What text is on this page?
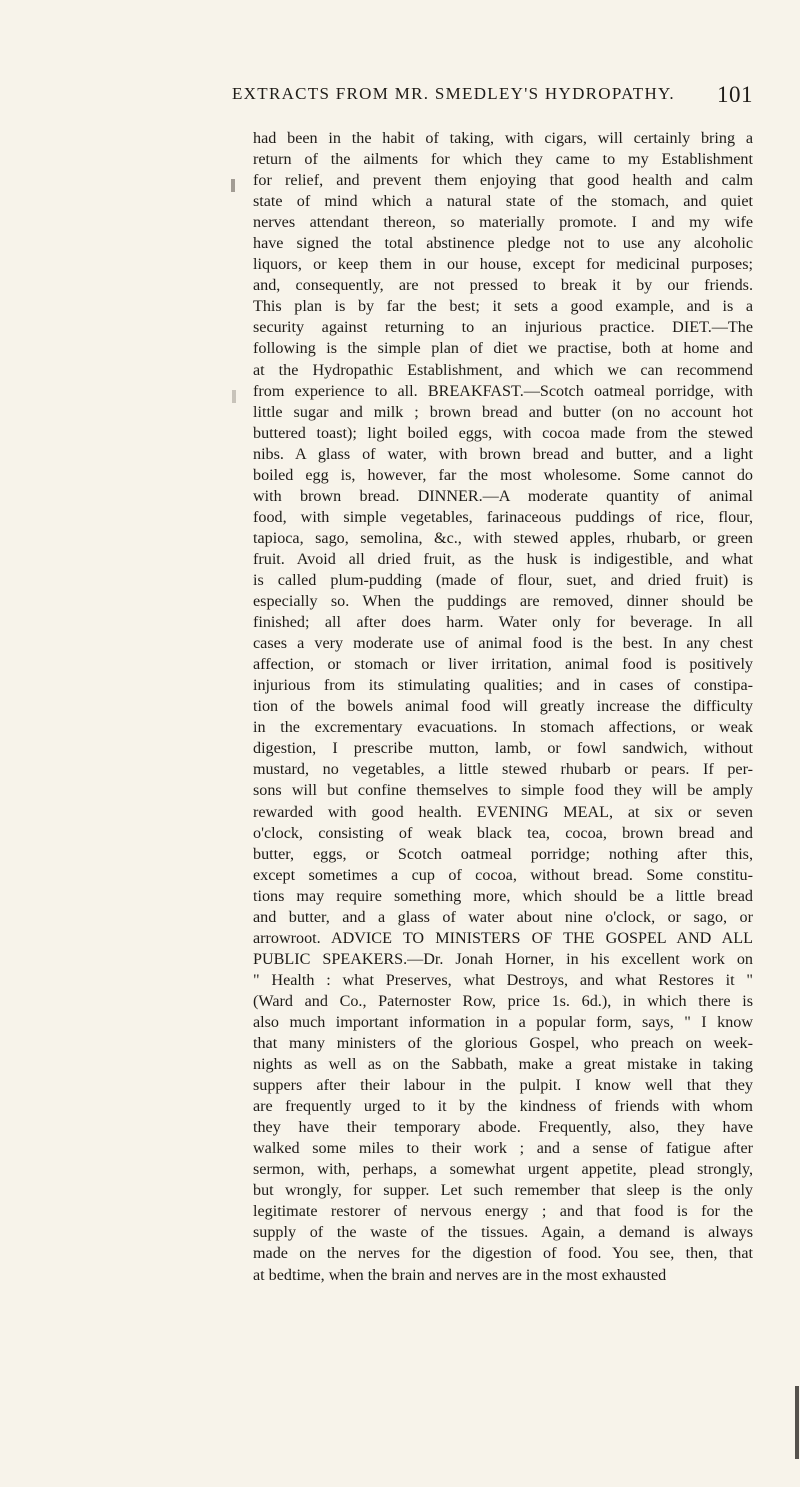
EXTRACTS FROM MR. SMEDLEY'S HYDROPATHY. 101
had been in the habit of taking, with cigars, will certainly bring a
return of the ailments for which they came to my Establishment
for relief, and prevent them enjoying that good health and calm
state of mind which a natural state of the stomach, and quiet
nerves attendant thereon, so materially promote. I and my wife
have signed the total abstinence pledge not to use any alcoholic
liquors, or keep them in our house, except for medicinal purposes;
and, consequently, are not pressed to break it by our friends.
This plan is by far the best; it sets a good example, and is a
security against returning to an injurious practice. DIET.—The
following is the simple plan of diet we practise, both at home and
at the Hydropathic Establishment, and which we can recommend
from experience to all. BREAKFAST.—Scotch oatmeal porridge, with
little sugar and milk ; brown bread and butter (on no account hot
buttered toast); light boiled eggs, with cocoa made from the stewed
nibs. A glass of water, with brown bread and butter, and a light
boiled egg is, however, far the most wholesome. Some cannot do
with brown bread. DINNER.—A moderate quantity of animal
food, with simple vegetables, farinaceous puddings of rice, flour,
tapioca, sago, semolina, &c., with stewed apples, rhubarb, or green
fruit. Avoid all dried fruit, as the husk is indigestible, and what
is called plum-pudding (made of flour, suet, and dried fruit) is
especially so. When the puddings are removed, dinner should be
finished; all after does harm. Water only for beverage. In all
cases a very moderate use of animal food is the best. In any chest
affection, or stomach or liver irritation, animal food is positively
injurious from its stimulating qualities; and in cases of constipa-
tion of the bowels animal food will greatly increase the difficulty
in the excrementary evacuations. In stomach affections, or weak
digestion, I prescribe mutton, lamb, or fowl sandwich, without
mustard, no vegetables, a little stewed rhubarb or pears. If per-
sons will but confine themselves to simple food they will be amply
rewarded with good health. EVENING MEAL, at six or seven
o'clock, consisting of weak black tea, cocoa, brown bread and
butter, eggs, or Scotch oatmeal porridge; nothing after this,
except sometimes a cup of cocoa, without bread. Some constitu-
tions may require something more, which should be a little bread
and butter, and a glass of water about nine o'clock, or sago, or
arrowroot. ADVICE TO MINISTERS OF THE GOSPEL AND ALL
PUBLIC SPEAKERS.—Dr. Jonah Horner, in his excellent work on
" Health : what Preserves, what Destroys, and what Restores it "
(Ward and Co., Paternoster Row, price 1s. 6d.), in which there is
also much important information in a popular form, says, " I know
that many ministers of the glorious Gospel, who preach on week-
nights as well as on the Sabbath, make a great mistake in taking
suppers after their labour in the pulpit. I know well that they
are frequently urged to it by the kindness of friends with whom
they have their temporary abode. Frequently, also, they have
walked some miles to their work ; and a sense of fatigue after
sermon, with, perhaps, a somewhat urgent appetite, plead strongly,
but wrongly, for supper. Let such remember that sleep is the only
legitimate restorer of nervous energy ; and that food is for the
supply of the waste of the tissues. Again, a demand is always
made on the nerves for the digestion of food. You see, then, that
at bedtime, when the brain and nerves are in the most exhausted
